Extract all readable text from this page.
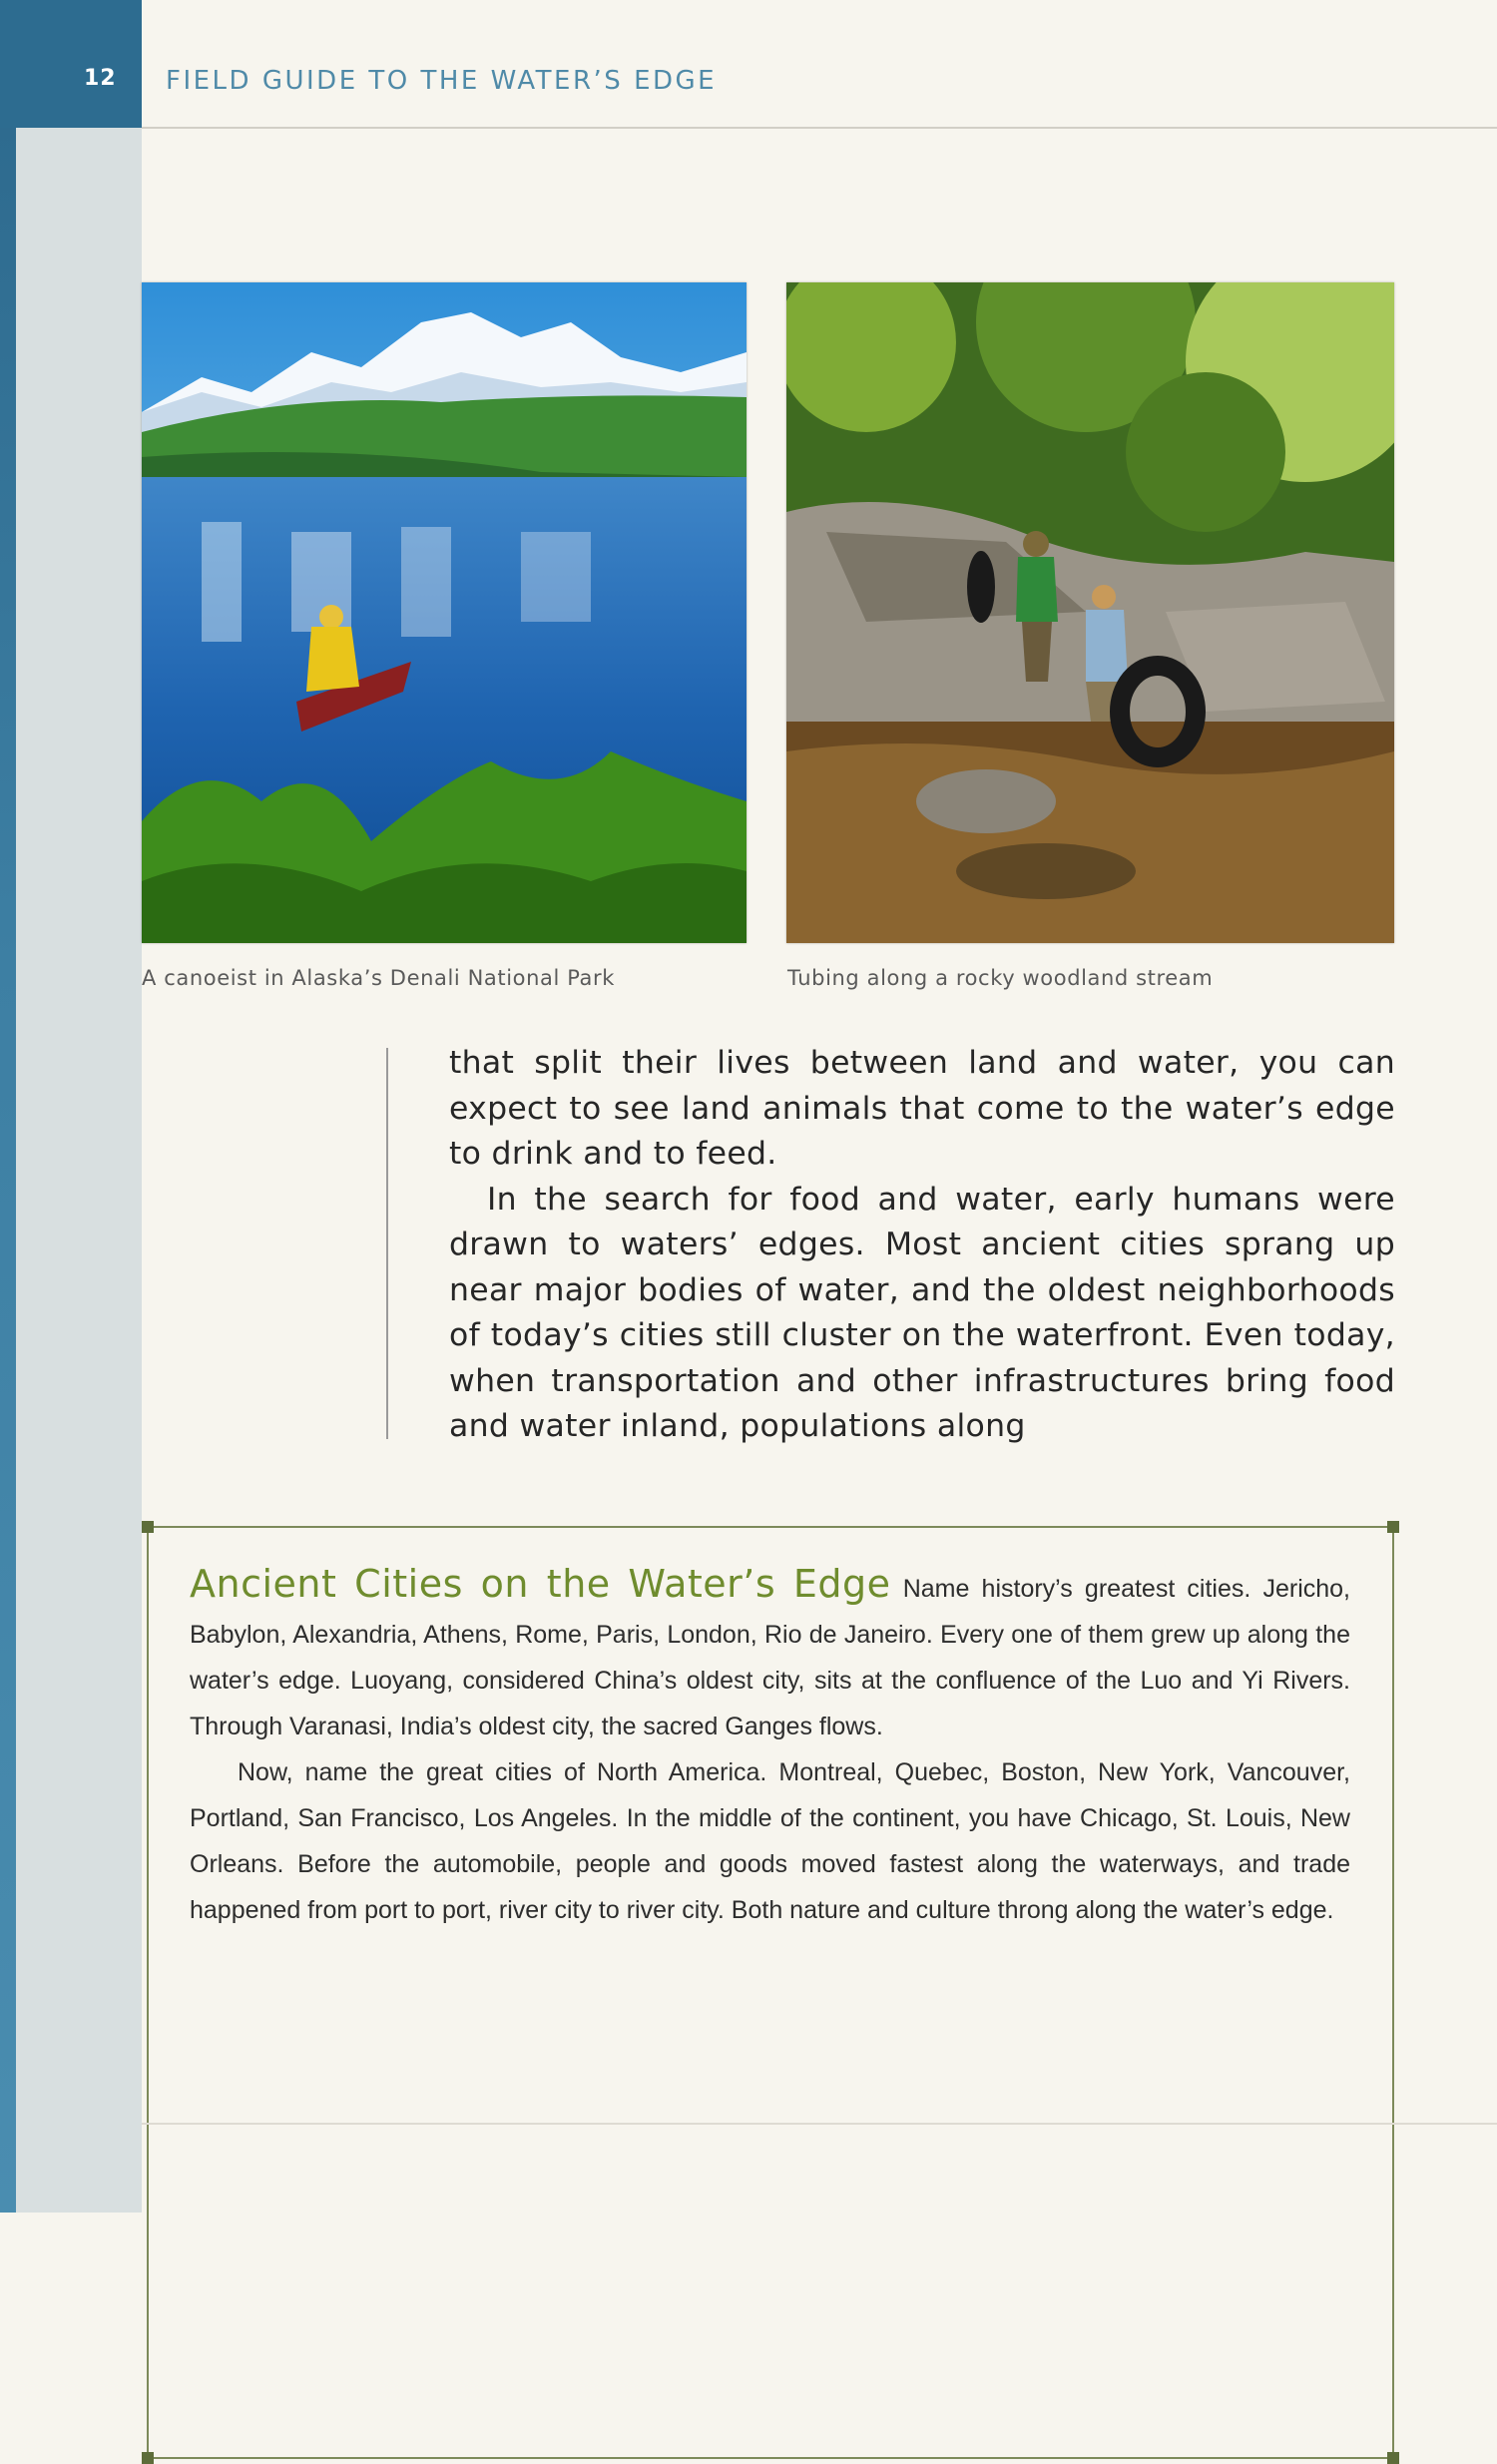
12 FIELD GUIDE TO THE WATER’S EDGE
A canoeist in Alaska’s Denali National Park	Tubing along a rocky woodland stream

that split their lives between land and water, you can expect to see land animals that come to the water’s edge to drink and to feed.

In the search for food and water, early humans were drawn to waters’ edges. Most ancient cities sprang up near major bodies of water, and the oldest neighborhoods of today’s cities still cluster on the waterfront. Even today, when transportation and other infrastructures bring food and water inland, populations along

Ancient Cities on the Water’s Edge Name history’s greatest cities. Jericho, Babylon, Alexandria, Athens, Rome, Paris, London, Rio de Janeiro. Every one of them grew up along the water’s edge. Luoyang, considered China’s oldest city, sits at the confluence of the Luo and Yi Rivers. Through Varanasi, India’s oldest city, the sacred Ganges flows.

Now, name the great cities of North America. Montreal, Quebec, Boston, New York, Vancouver, Portland, San Francisco, Los Angeles. In the middle of the continent, you have Chicago, St. Louis, New Orleans. Before the automobile, people and goods moved fastest along the waterways, and trade happened from port to port, river city to river city. Both nature and culture throng along the water’s edge.
